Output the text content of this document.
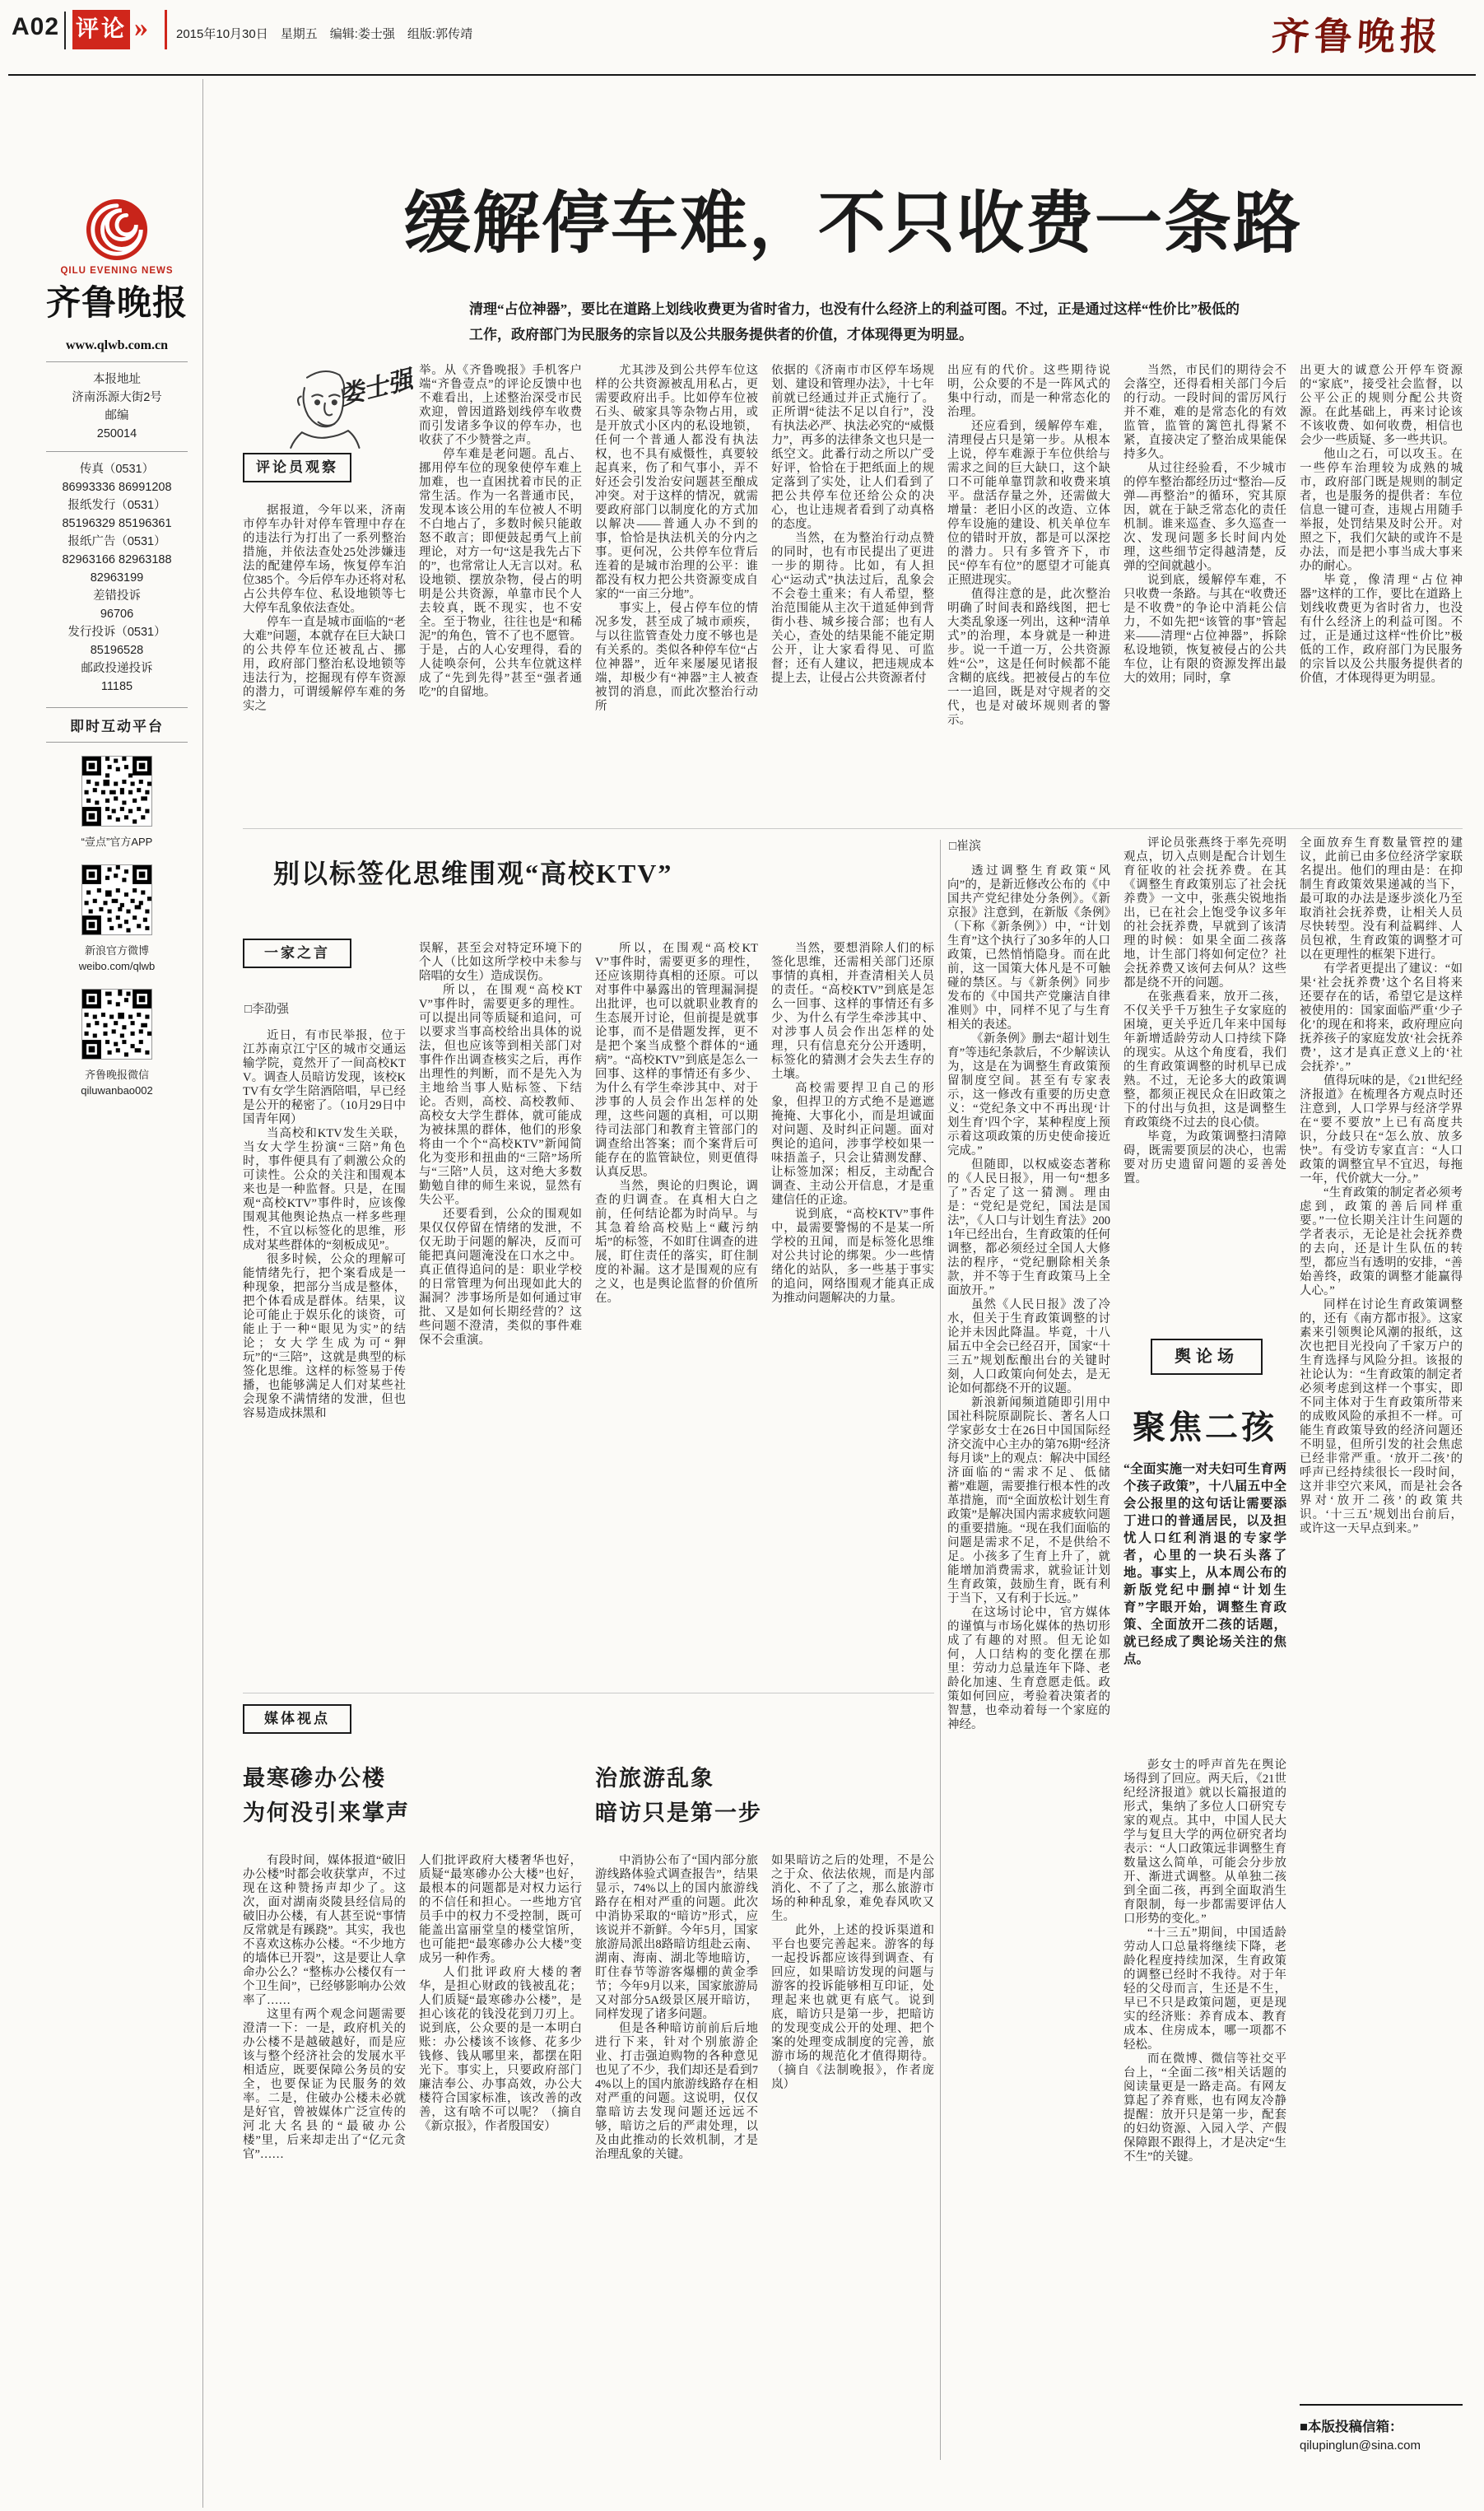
A02 评论 » 2015年10月30日　星期五　编辑:娄士强　组版:郭传靖	齐鲁晚报
QILU EVENING NEWS
齐鲁晚报
www.qlwb.com.cn

本报地址

济南泺源大街2号

邮编

250014

传真（0531）

86993336 86991208

报纸发行（0531）

85196329 85196361

报纸广告（0531）

82963166 82963188

82963199

差错投诉

96706

发行投诉（0531）

85196528

邮政投递投诉

11185

即时互动平台
“壹点”官方APP
新浪官方微博
weibo.com/qlwb
齐鲁晚报微信
qiluwanbao002
缓解停车难，不只收费一条路
清理“占位神器”，要比在道路上划线收费更为省时省力，也没有什么经济上的利益可图。不过，正是通过这样“性价比”极低的工作，政府部门为民服务的宗旨以及公共服务提供者的价值，才体现得更为明显。
娄士强
评论员观察

据报道，今年以来，济南市停车办针对停车管理中存在的违法行为打出了一系列整治措施，并依法查处25处涉嫌违法的配建停车场，恢复停车泊位385个。今后停车办还将对私占公共停车位、私设地锁等七大停车乱象依法查处。

停车一直是城市面临的“老大难”问题，本就存在巨大缺口的公共停车位还被乱占、挪用，政府部门整治私设地锁等违法行为，挖掘现有停车资源的潜力，可谓缓解停车难的务实之

举。从《齐鲁晚报》手机客户端“齐鲁壹点”的评论反馈中也不难看出，上述整治深受市民欢迎，曾因道路划线停车收费而引发诸多争议的停车办，也收获了不少赞誉之声。

停车难是老问题。乱占、挪用停车位的现象使停车难上加难，也一直困扰着市民的正常生活。作为一名普通市民，发现本该公用的车位被人不明不白地占了，多数时候只能敢怒不敢言；即便鼓起勇气上前理论，对方一句“这是我先占下的”，也常常让人无言以对。私设地锁、摆放杂物，侵占的明明是公共资源，单靠市民个人去较真，既不现实，也不安全。至于物业，往往也是“和稀泥”的角色，管不了也不愿管。于是，占的人心安理得，看的人徒唤奈何，公共车位就这样成了“先到先得”甚至“强者通吃”的自留地。

尤其涉及到公共停车位这样的公共资源被乱用私占，更需要政府出手。比如停车位被石头、破家具等杂物占用，或是开放式小区内的私设地锁，任何一个普通人都没有执法权，也不具有威慑性，真要较起真来，伤了和气事小，弄不好还会引发治安问题甚至酿成冲突。对于这样的情况，就需要政府部门以制度化的方式加以解决——普通人办不到的事，恰恰是执法机关的分内之事。更何况，公共停车位背后连着的是城市治理的公平：谁都没有权力把公共资源变成自家的“一亩三分地”。

事实上，侵占停车位的情况多发，甚至成了城市顽疾，与以往监管查处力度不够也是有关系的。类似各种停车位“占位神器”，近年来屡屡见诸报端，却极少有“神器”主人被查被罚的消息，而此次整治行动所

依据的《济南市市区停车场规划、建设和管理办法》，十七年前就已经通过并正式施行了。正所谓“徒法不足以自行”，没有执法必严、执法必究的“威慑力”，再多的法律条文也只是一纸空文。此番行动之所以广受好评，恰恰在于把纸面上的规定落到了实处，让人们看到了把公共停车位还给公众的决心，也让违规者看到了动真格的态度。

当然，在为整治行动点赞的同时，也有市民提出了更进一步的期待。比如，有人担心“运动式”执法过后，乱象会不会卷土重来；有人希望，整治范围能从主次干道延伸到背街小巷、城乡接合部；也有人关心，查处的结果能不能定期公开，让大家看得见、可监督；还有人建议，把违规成本提上去，让侵占公共资源者付

出应有的代价。这些期待说明，公众要的不是一阵风式的集中行动，而是一种常态化的治理。

还应看到，缓解停车难，清理侵占只是第一步。从根本上说，停车难源于车位供给与需求之间的巨大缺口，这个缺口不可能单靠罚款和收费来填平。盘活存量之外，还需做大增量：老旧小区的改造、立体停车设施的建设、机关单位车位的错时开放，都是可以深挖的潜力。只有多管齐下，市民“停车有位”的愿望才可能真正照进现实。

值得注意的是，此次整治明确了时间表和路线图，把七大类乱象逐一列出，这种“清单式”的治理，本身就是一种进步。说一千道一万，公共资源姓“公”，这是任何时候都不能含糊的底线。把被侵占的车位一一追回，既是对守规者的交代，也是对破坏规则者的警示。

当然，市民们的期待会不会落空，还得看相关部门今后的行动。一段时间的雷厉风行并不难，难的是常态化的有效监管，监管的篱笆扎得紧不紧，直接决定了整治成果能保持多久。

从过往经验看，不少城市的停车整治都经历过“整治—反弹—再整治”的循环，究其原因，就在于缺乏常态化的责任机制。谁来巡查、多久巡查一次、发现问题多长时间内处理，这些细节定得越清楚，反弹的空间就越小。

说到底，缓解停车难，不只收费一条路。与其在“收费还是不收费”的争论中消耗公信力，不如先把“该管的事”管起来——清理“占位神器”，拆除私设地锁，恢复被侵占的公共车位，让有限的资源发挥出最大的效用；同时，拿

出更大的诚意公开停车资源的“家底”，接受社会监督，以公平公正的规则分配公共资源。在此基础上，再来讨论该不该收费、如何收费，相信也会少一些质疑、多一些共识。

他山之石，可以攻玉。在一些停车治理较为成熟的城市，政府部门既是规则的制定者，也是服务的提供者：车位信息一键可查，违规占用随手举报，处罚结果及时公开。对照之下，我们欠缺的或许不是办法，而是把小事当成大事来办的耐心。

毕竟，像清理“占位神器”这样的工作，要比在道路上划线收费更为省时省力，也没有什么经济上的利益可图。不过，正是通过这样“性价比”极低的工作，政府部门为民服务的宗旨以及公共服务提供者的价值，才体现得更为明显。

别以标签化思维围观“高校KTV”
一家之言
□李劭强

近日，有市民举报，位于江苏南京江宁区的城市交通运输学院，竟然开了一间高校KTV。调查人员暗访发现，该校KTV有女学生陪酒陪唱，早已经是公开的秘密了。（10月29日中国青年网）

当高校和KTV发生关联，当女大学生扮演“三陪”角色时，事件便具有了刺激公众的可读性。公众的关注和围观本来也是一种监督。只是，在围观“高校KTV”事件时，应该像围观其他舆论热点一样多些理性，不宜以标签化的思维，形成对某些群体的“刻板成见”。

很多时候，公众的理解可能情绪先行，把个案看成是一种现象，把部分当成是整体，把个体看成是群体。结果，议论可能止于娱乐化的谈资，可能止于一种“眼见为实”的结论；女大学生成为可“狎玩”的“三陪”，这就是典型的标签化思维。这样的标签易于传播，也能够满足人们对某些社会现象不满情绪的发泄，但也容易造成抹黑和

误解，甚至会对特定环境下的个人（比如这所学校中未参与陪唱的女生）造成误伤。

所以，在围观“高校KTV”事件时，需要更多的理性。可以提出同等质疑和追问，可以要求当事高校给出具体的说法，但也应该等到相关部门对事件作出调查核实之后，再作出理性的判断，而不是先入为主地给当事人贴标签、下结论。否则，高校、高校教师、高校女大学生群体，就可能成为被抹黑的群体，他们的形象将由一个个“高校KTV”新闻简化为变形和扭曲的“三陪”场所与“三陪”人员，这对绝大多数勤勉自律的师生来说，显然有失公平。

还要看到，公众的围观如果仅仅停留在情绪的发泄，不仅无助于问题的解决，反而可能把真问题淹没在口水之中。真正值得追问的是：职业学校的日常管理为何出现如此大的漏洞？涉事场所是如何通过审批、又是如何长期经营的？这些问题不澄清，类似的事件难保不会重演。

所以，在围观“高校KTV”事件时，需要更多的理性，还应该期待真相的还原。可以对事件中暴露出的管理漏洞提出批评，也可以就职业教育的生态展开讨论，但前提是就事论事，而不是借题发挥，更不是把个案当成整个群体的“通病”。“高校KTV”到底是怎么一回事、这样的事情还有多少、为什么有学生牵涉其中、对于涉事的人员会作出怎样的处理，这些问题的真相，可以期待司法部门和教育主管部门的调查给出答案；而个案背后可能存在的监管缺位，则更值得认真反思。

当然，舆论的归舆论，调查的归调查。在真相大白之前，任何结论都为时尚早。与其急着给高校贴上“藏污纳垢”的标签，不如盯住调查的进展，盯住责任的落实，盯住制度的补漏。这才是围观的应有之义，也是舆论监督的价值所在。

当然，要想消除人们的标签化思维，还需相关部门还原事情的真相，并查清相关人员的责任。“高校KTV”到底是怎么一回事、这样的事情还有多少、为什么有学生牵涉其中、对涉事人员会作出怎样的处理，只有信息充分公开透明，标签化的猜测才会失去生存的土壤。

高校需要捍卫自己的形象，但捍卫的方式绝不是遮遮掩掩、大事化小，而是坦诚面对问题、及时纠正问题。面对舆论的追问，涉事学校如果一味捂盖子，只会让猜测发酵、让标签加深；相反，主动配合调查、主动公开信息，才是重建信任的正途。

说到底，“高校KTV”事件中，最需要警惕的不是某一所学校的丑闻，而是标签化思维对公共讨论的绑架。少一些情绪化的站队，多一些基于事实的追问，网络围观才能真正成为推动问题解决的力量。

媒体视点
最寒碜办公楼
为何没引来掌声
治旅游乱象
暗访只是第一步

有段时间，媒体报道“破旧办公楼”时都会收获掌声，不过现在这种赞扬声却少了。这次，面对湖南炎陵县经信局的破旧办公楼，有人甚至说“事情反常就是有蹊跷”。其实，我也不喜欢这栋办公楼。“不少地方的墙体已开裂”，这是要让人拿命办公么？“整栋办公楼仅有一个卫生间”，已经够影响办公效率了……

这里有两个观念问题需要澄清一下：一是，政府机关的办公楼不是越破越好，而是应该与整个经济社会的发展水平相适应，既要保障公务员的安全，也要保证为民服务的效率。二是，住破办公楼未必就是好官，曾被媒体广泛宣传的河北大名县的“最破办公楼”里，后来却走出了“亿元贪官”……

人们批评政府大楼奢华也好，质疑“最寒碜办公大楼”也好，最根本的问题都是对权力运行的不信任和担心。一些地方官员手中的权力不受控制，既可能盖出富丽堂皇的楼堂馆所，也可能把“最寒碜办公大楼”变成另一种作秀。

人们批评政府大楼的奢华，是担心财政的钱被乱花；人们质疑“最寒碜办公楼”，是担心该花的钱没花到刀刃上。说到底，公众要的是一本明白账：办公楼该不该修、花多少钱修、钱从哪里来，都摆在阳光下。事实上，只要政府部门廉洁奉公、办事高效，办公大楼符合国家标准，该改善的改善，这有啥不可以呢？（摘自《新京报》，作者殷国安）

中消协公布了“国内部分旅游线路体验式调查报告”，结果显示，74%以上的国内旅游线路存在相对严重的问题。此次中消协采取的“暗访”形式，应该说并不新鲜。今年5月，国家旅游局派出8路暗访组赴云南、湖南、海南、湖北等地暗访，盯住春节等游客爆棚的黄金季节；今年9月以来，国家旅游局又对部分5A级景区展开暗访，同样发现了诸多问题。

但是各种暗访前前后后地进行下来，针对个别旅游企业、打击强迫购物的各种意见也见了不少，我们却还是看到74%以上的国内旅游线路存在相对严重的问题。这说明，仅仅靠暗访去发现问题还远远不够，暗访之后的严肃处理，以及由此推动的长效机制，才是治理乱象的关键。

如果暗访之后的处理，不是公之于众、依法依规，而是内部消化、不了了之，那么旅游市场的种种乱象，难免春风吹又生。

此外，上述的投诉渠道和平台也要完善起来。游客的每一起投诉都应该得到调查、有回应，如果暗访发现的问题与游客的投诉能够相互印证，处理起来也就更有底气。说到底，暗访只是第一步，把暗访的发现变成公开的处理、把个案的处理变成制度的完善，旅游市场的规范化才值得期待。（摘自《法制晚报》，作者庞岚）

□崔滨

透过调整生育政策“风向”的，是新近修改公布的《中国共产党纪律处分条例》。《新京报》注意到，在新版《条例》（下称《新条例》）中，“计划生育”这个执行了30多年的人口政策，已然悄悄隐身。而在此前，这一国策大体凡是不可触碰的禁区。与《新条例》同步发布的《中国共产党廉洁自律准则》中，同样不见了与生育相关的表述。

《新条例》删去“超计划生育”等违纪条款后，不少解读认为，这是在为调整生育政策预留制度空间。甚至有专家表示，这一修改有重要的历史意义：“党纪条文中不再出现‘计划生育’四个字，某种程度上预示着这项政策的历史使命接近完成。”

但随即，以权威姿态著称的《人民日报》，用一句“想多了”否定了这一猜测。理由是：“党纪是党纪，国法是国法”，《人口与计划生育法》2001年已经出台，生育政策的任何调整，都必须经过全国人大修法的程序，“党纪删除相关条款，并不等于生育政策马上全面放开。”

虽然《人民日报》泼了冷水，但关于生育政策调整的讨论并未因此降温。毕竟，十八届五中全会已经召开，国家“十三五”规划酝酿出台的关键时刻，人口政策向何处去，是无论如何都绕不开的议题。

新浪新闻频道随即引用中国社科院原副院长、著名人口学家彭女士在26日中国国际经济交流中心主办的第76期“经济每月谈”上的观点：解决中国经济面临的“需求不足、低储蓄”难题，需要推行根本性的改革措施，而“全面放松计划生育政策”是解决国内需求疲软问题的重要措施。“现在我们面临的问题是需求不足，不是供给不足。小孩多了生育上升了，就能增加消费需求，就验证计划生育政策，鼓励生育，既有利于当下，又有利于长远。”

在这场讨论中，官方媒体的谨慎与市场化媒体的热切形成了有趣的对照。但无论如何，人口结构的变化摆在那里：劳动力总量连年下降、老龄化加速、生育意愿走低。政策如何回应，考验着决策者的智慧，也牵动着每一个家庭的神经。

评论员张燕终于率先亮明观点，切入点则是配合计划生育征收的社会抚养费。在其《调整生育政策别忘了社会抚养费》一文中，张燕尖锐地指出，已在社会上饱受争议多年的社会抚养费，早就到了该清理的时候：如果全面二孩落地，计生部门将如何定位？社会抚养费又该何去何从？这些都是绕不开的问题。

在张燕看来，放开二孩，不仅关乎千万独生子女家庭的困境，更关乎近几年来中国每年新增适龄劳动人口持续下降的现实。从这个角度看，我们的生育政策调整的时机早已成熟。不过，无论多大的政策调整，都须正视民众在旧政策之下的付出与负担，这是调整生育政策绕不过去的良心债。

毕竟，为政策调整扫清障碍，既需要顶层的决心，也需要对历史遗留问题的妥善处置。

舆论场
聚焦二孩
“全面实施一对夫妇可生育两个孩子政策”，十八届五中全会公报里的这句话让需要添丁进口的普通居民，以及担忧人口红利消退的专家学者，心里的一块石头落了地。事实上，从本周公布的新版党纪中删掉“计划生育”字眼开始，调整生育政策、全面放开二孩的话题，就已经成了舆论场关注的焦点。

彭女士的呼声首先在舆论场得到了回应。两天后，《21世纪经济报道》就以长篇报道的形式，集纳了多位人口研究专家的观点。其中，中国人民大学与复旦大学的两位研究者均表示：“人口政策远非调整生育数量这么简单，可能会分步放开、渐进式调整。从单独二孩到全面二孩，再到全面取消生育限制，每一步都需要评估人口形势的变化。”

“十三五”期间，中国适龄劳动人口总量将继续下降，老龄化程度持续加深，生育政策的调整已经时不我待。对于年轻的父母而言，生还是不生，早已不只是政策问题，更是现实的经济账：养育成本、教育成本、住房成本，哪一项都不轻松。

而在微博、微信等社交平台上，“全面二孩”相关话题的阅读量更是一路走高。有网友算起了养育账，也有网友冷静提醒：放开只是第一步，配套的妇幼资源、入园入学、产假保障跟不跟得上，才是决定“生不生”的关键。

全面放弃生育数量管控的建议，此前已由多位经济学家联名提出。他们的理由是：在抑制生育政策效果递减的当下，最可取的办法是逐步淡化乃至取消社会抚养费，让相关人员尽快转型。没有利益羁绊、人员包袱，生育政策的调整才可以在更理性的框架下进行。

有学者更提出了建议：“如果‘社会抚养费’这个名目将来还要存在的话，希望它是这样被使用的：国家面临严重‘少子化’的现在和将来，政府理应向抚养孩子的家庭发放‘社会抚养费’，这才是真正意义上的‘社会抚养’。”

值得玩味的是，《21世纪经济报道》在梳理各方观点时还注意到，人口学界与经济学界在“要不要放”上已有高度共识，分歧只在“怎么放、放多快”。有受访专家直言：“人口政策的调整宜早不宜迟，每拖一年，代价就大一分。”

“生育政策的制定者必须考虑到，政策的善后同样重要。”一位长期关注计生问题的学者表示，无论是社会抚养费的去向，还是计生队伍的转型，都应当有透明的安排，“善始善终，政策的调整才能赢得人心。”

同样在讨论生育政策调整的，还有《南方都市报》。这家素来引领舆论风潮的报纸，这次也把目光投向了千家万户的生育选择与风险分担。该报的社论认为：“生育政策的制定者必须考虑到这样一个事实，即不同主体对于生育政策所带来的成败风险的承担不一样。可能生育政策导致的经济问题还不明显，但所引发的社会焦虑已经非常严重。‘放开二孩’的呼声已经持续很长一段时间，这并非空穴来风，而是社会各界对‘放开二孩’的政策共识。‘十三五’规划出台前后，或许这一天早点到来。”

■本版投稿信箱：
qilupinglun@sina.com
